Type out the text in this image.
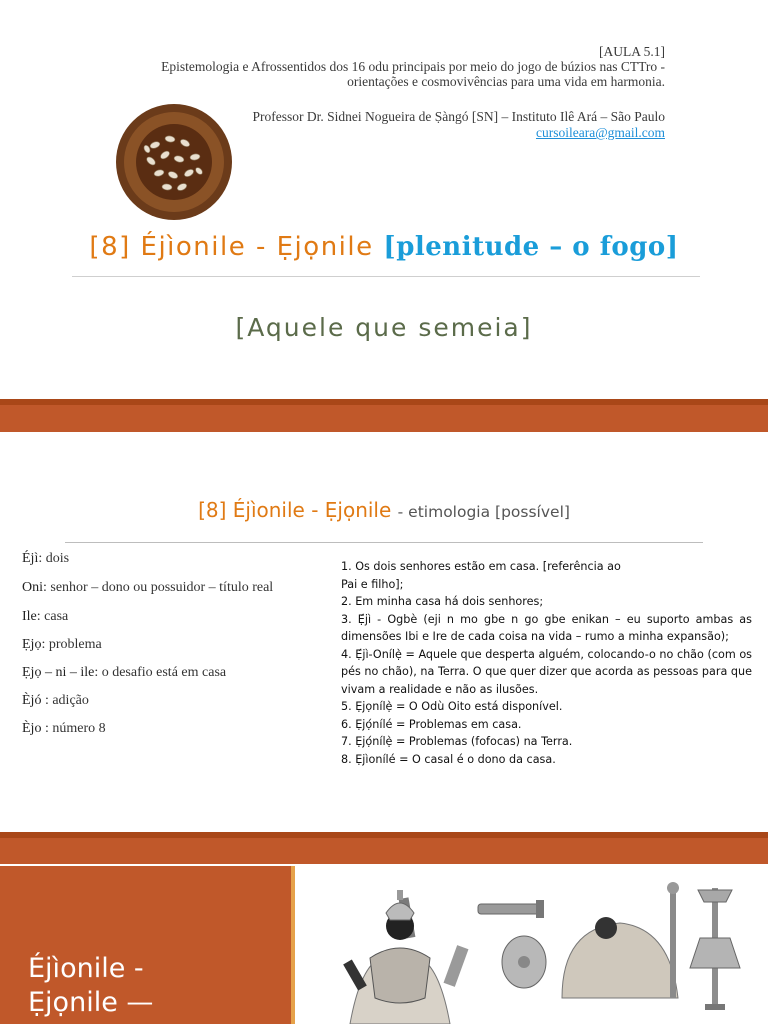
[AULA 5.1]
Epistemologia e Afrossentidos dos 16 odu principais por meio do jogo de búzios nas CTTro -
orientações e cosmovivências para uma vida em harmonia.
Professor Dr. Sidnei Nogueira de Ṣàngó [SN] – Instituto Ilê Ará – São Paulo
cursoileara@gmail.com
[8] Éjìonile - Ẹjọnile [plenitude – o fogo]
[Aquele que semeia]
[8] Éjìonile - Ẹjọnile - etimologia [possível]
Éjì: dois
Oni: senhor – dono ou possuidor – título real
Ile: casa
Ẹjọ: problema
Ẹjọ – ni – ile: o desafio está em casa
Èjó : adição
Èjo : número 8
1. Os dois senhores estão em casa. [referência ao
Pai e filho];
2. Em minha casa há dois senhores;
3. Ẹ́jì - Ogbè (eji n mo gbe n go gbe enikan – eu suporto ambas as dimensões Ibi e Ire de cada coisa na vida – rumo a minha expansão);
4. Ẹ́jì-Onílẹ̀ = Aquele que desperta alguém, colocando-o no chão (com os pés no chão), na Terra. O que quer dizer que acorda as pessoas para que vivam a realidade e não as ilusões.
5. Ẹjọnílẹ̀ = O Odù Oito está disponível.
6. Ẹjọ́nílé = Problemas em casa.
7. Ẹjọ́nílẹ̀ = Problemas (fofocas) na Terra.
8. Ẹjìonílé = O casal é o dono da casa.
Éjìonile -
Ẹjọnile —
